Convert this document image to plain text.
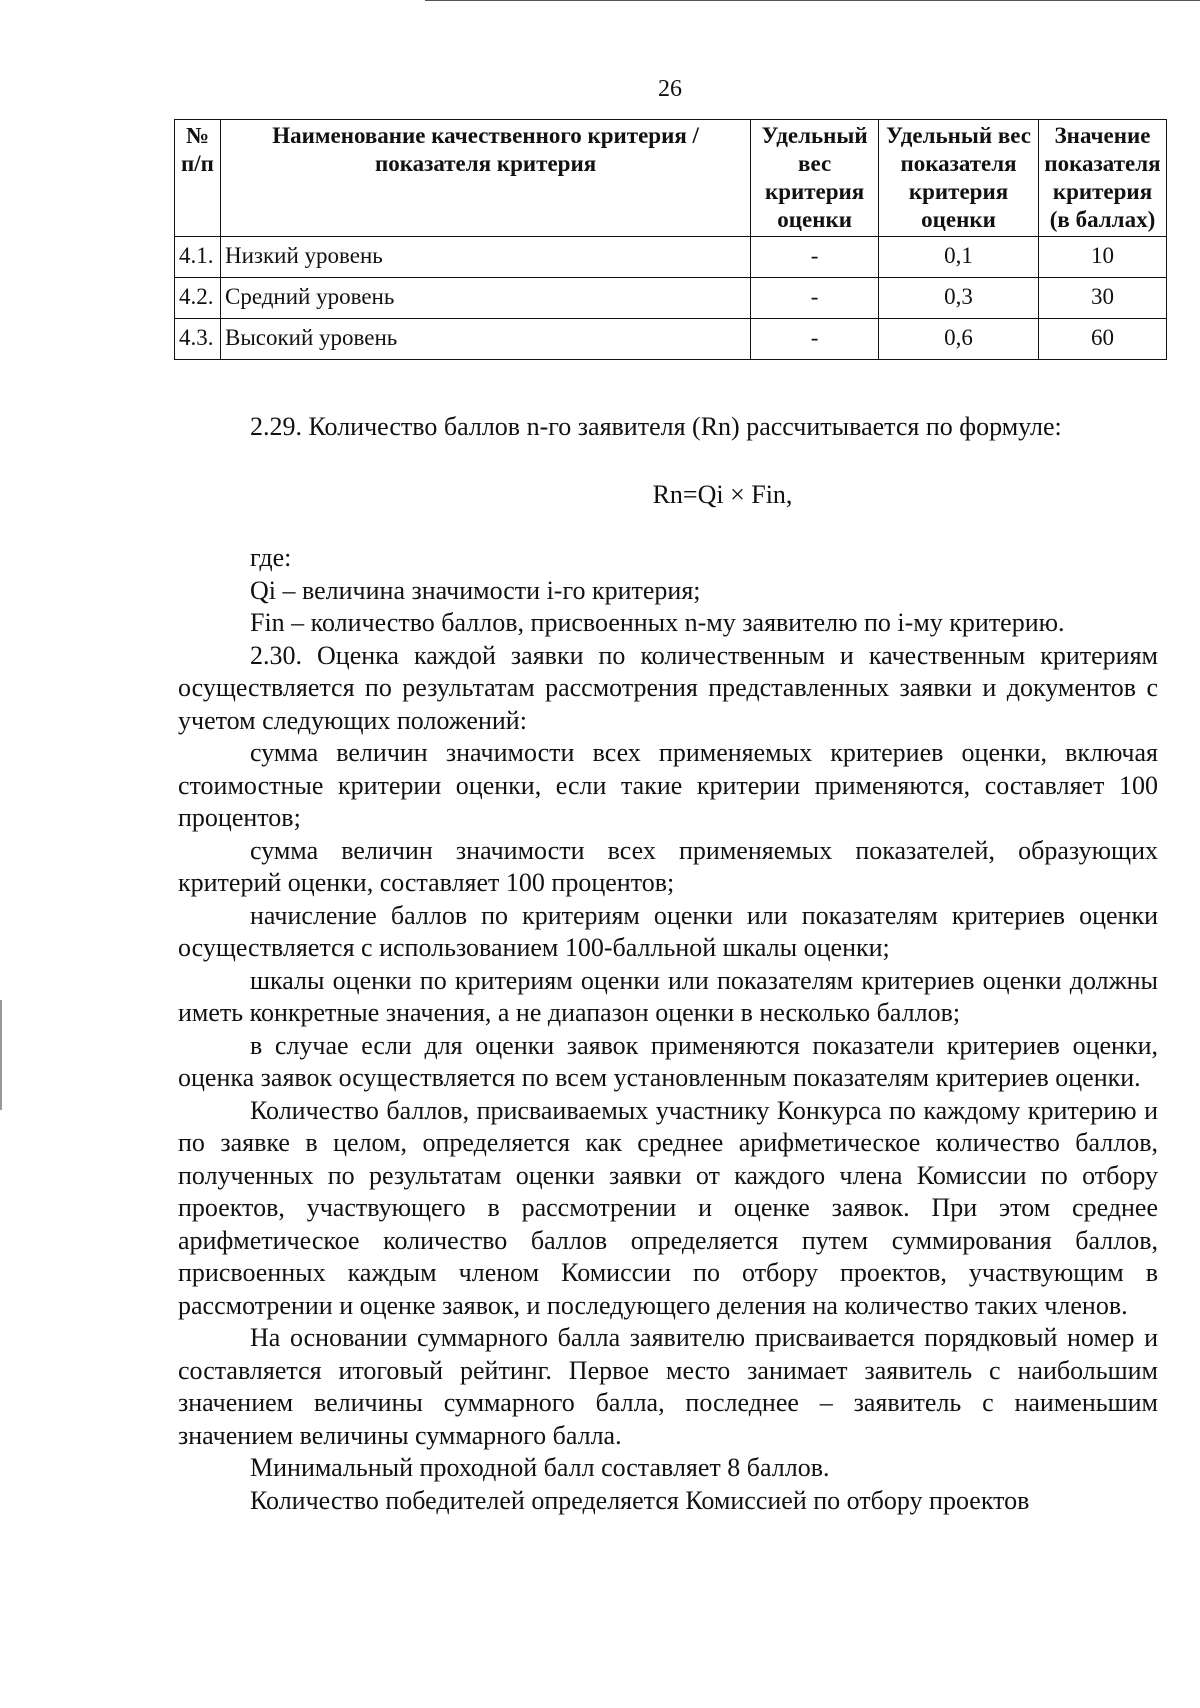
26
№ п/п	Наименование качественного критерия / показателя критерия	Удельный вес критерия оценки	Удельный вес показателя критерия оценки	Значение показателя критерия (в баллах)
4.1.	Низкий уровень	-	0,1	10
4.2.	Средний уровень	-	0,3	30
4.3.	Высокий уровень	-	0,6	60
2.29. Количество баллов n-го заявителя (Rn) рассчитывается по формуле:
Rn=Qi × Fin,

где:

Qi – величина значимости i-го критерия;

Fin – количество баллов, присвоенных n-му заявителю по i-му критерию.

2.30. Оценка каждой заявки по количественным и качественным критериям осуществляется по результатам рассмотрения представленных заявки и документов с учетом следующих положений:

сумма величин значимости всех применяемых критериев оценки, включая стоимостные критерии оценки, если такие критерии применяются, составляет 100 процентов;

сумма величин значимости всех применяемых показателей, образующих критерий оценки, составляет 100 процентов;

начисление баллов по критериям оценки или показателям критериев оценки осуществляется с использованием 100-балльной шкалы оценки;

шкалы оценки по критериям оценки или показателям критериев оценки должны иметь конкретные значения, а не диапазон оценки в несколько баллов;

в случае если для оценки заявок применяются показатели критериев оценки, оценка заявок осуществляется по всем установленным показателям критериев оценки.

Количество баллов, присваиваемых участнику Конкурса по каждому критерию и по заявке в целом, определяется как среднее арифметическое количество баллов, полученных по результатам оценки заявки от каждого члена Комиссии по отбору проектов, участвующего в рассмотрении и оценке заявок. При этом среднее арифметическое количество баллов определяется путем суммирования баллов, присвоенных каждым членом Комиссии по отбору проектов, участвующим в рассмотрении и оценке заявок, и последующего деления на количество таких членов.

На основании суммарного балла заявителю присваивается порядковый номер и составляется итоговый рейтинг. Первое место занимает заявитель с наибольшим значением величины суммарного балла, последнее – заявитель с наименьшим значением величины суммарного балла.

Минимальный проходной балл составляет 8 баллов.

Количество победителей определяется Комиссией по отбору проектов
